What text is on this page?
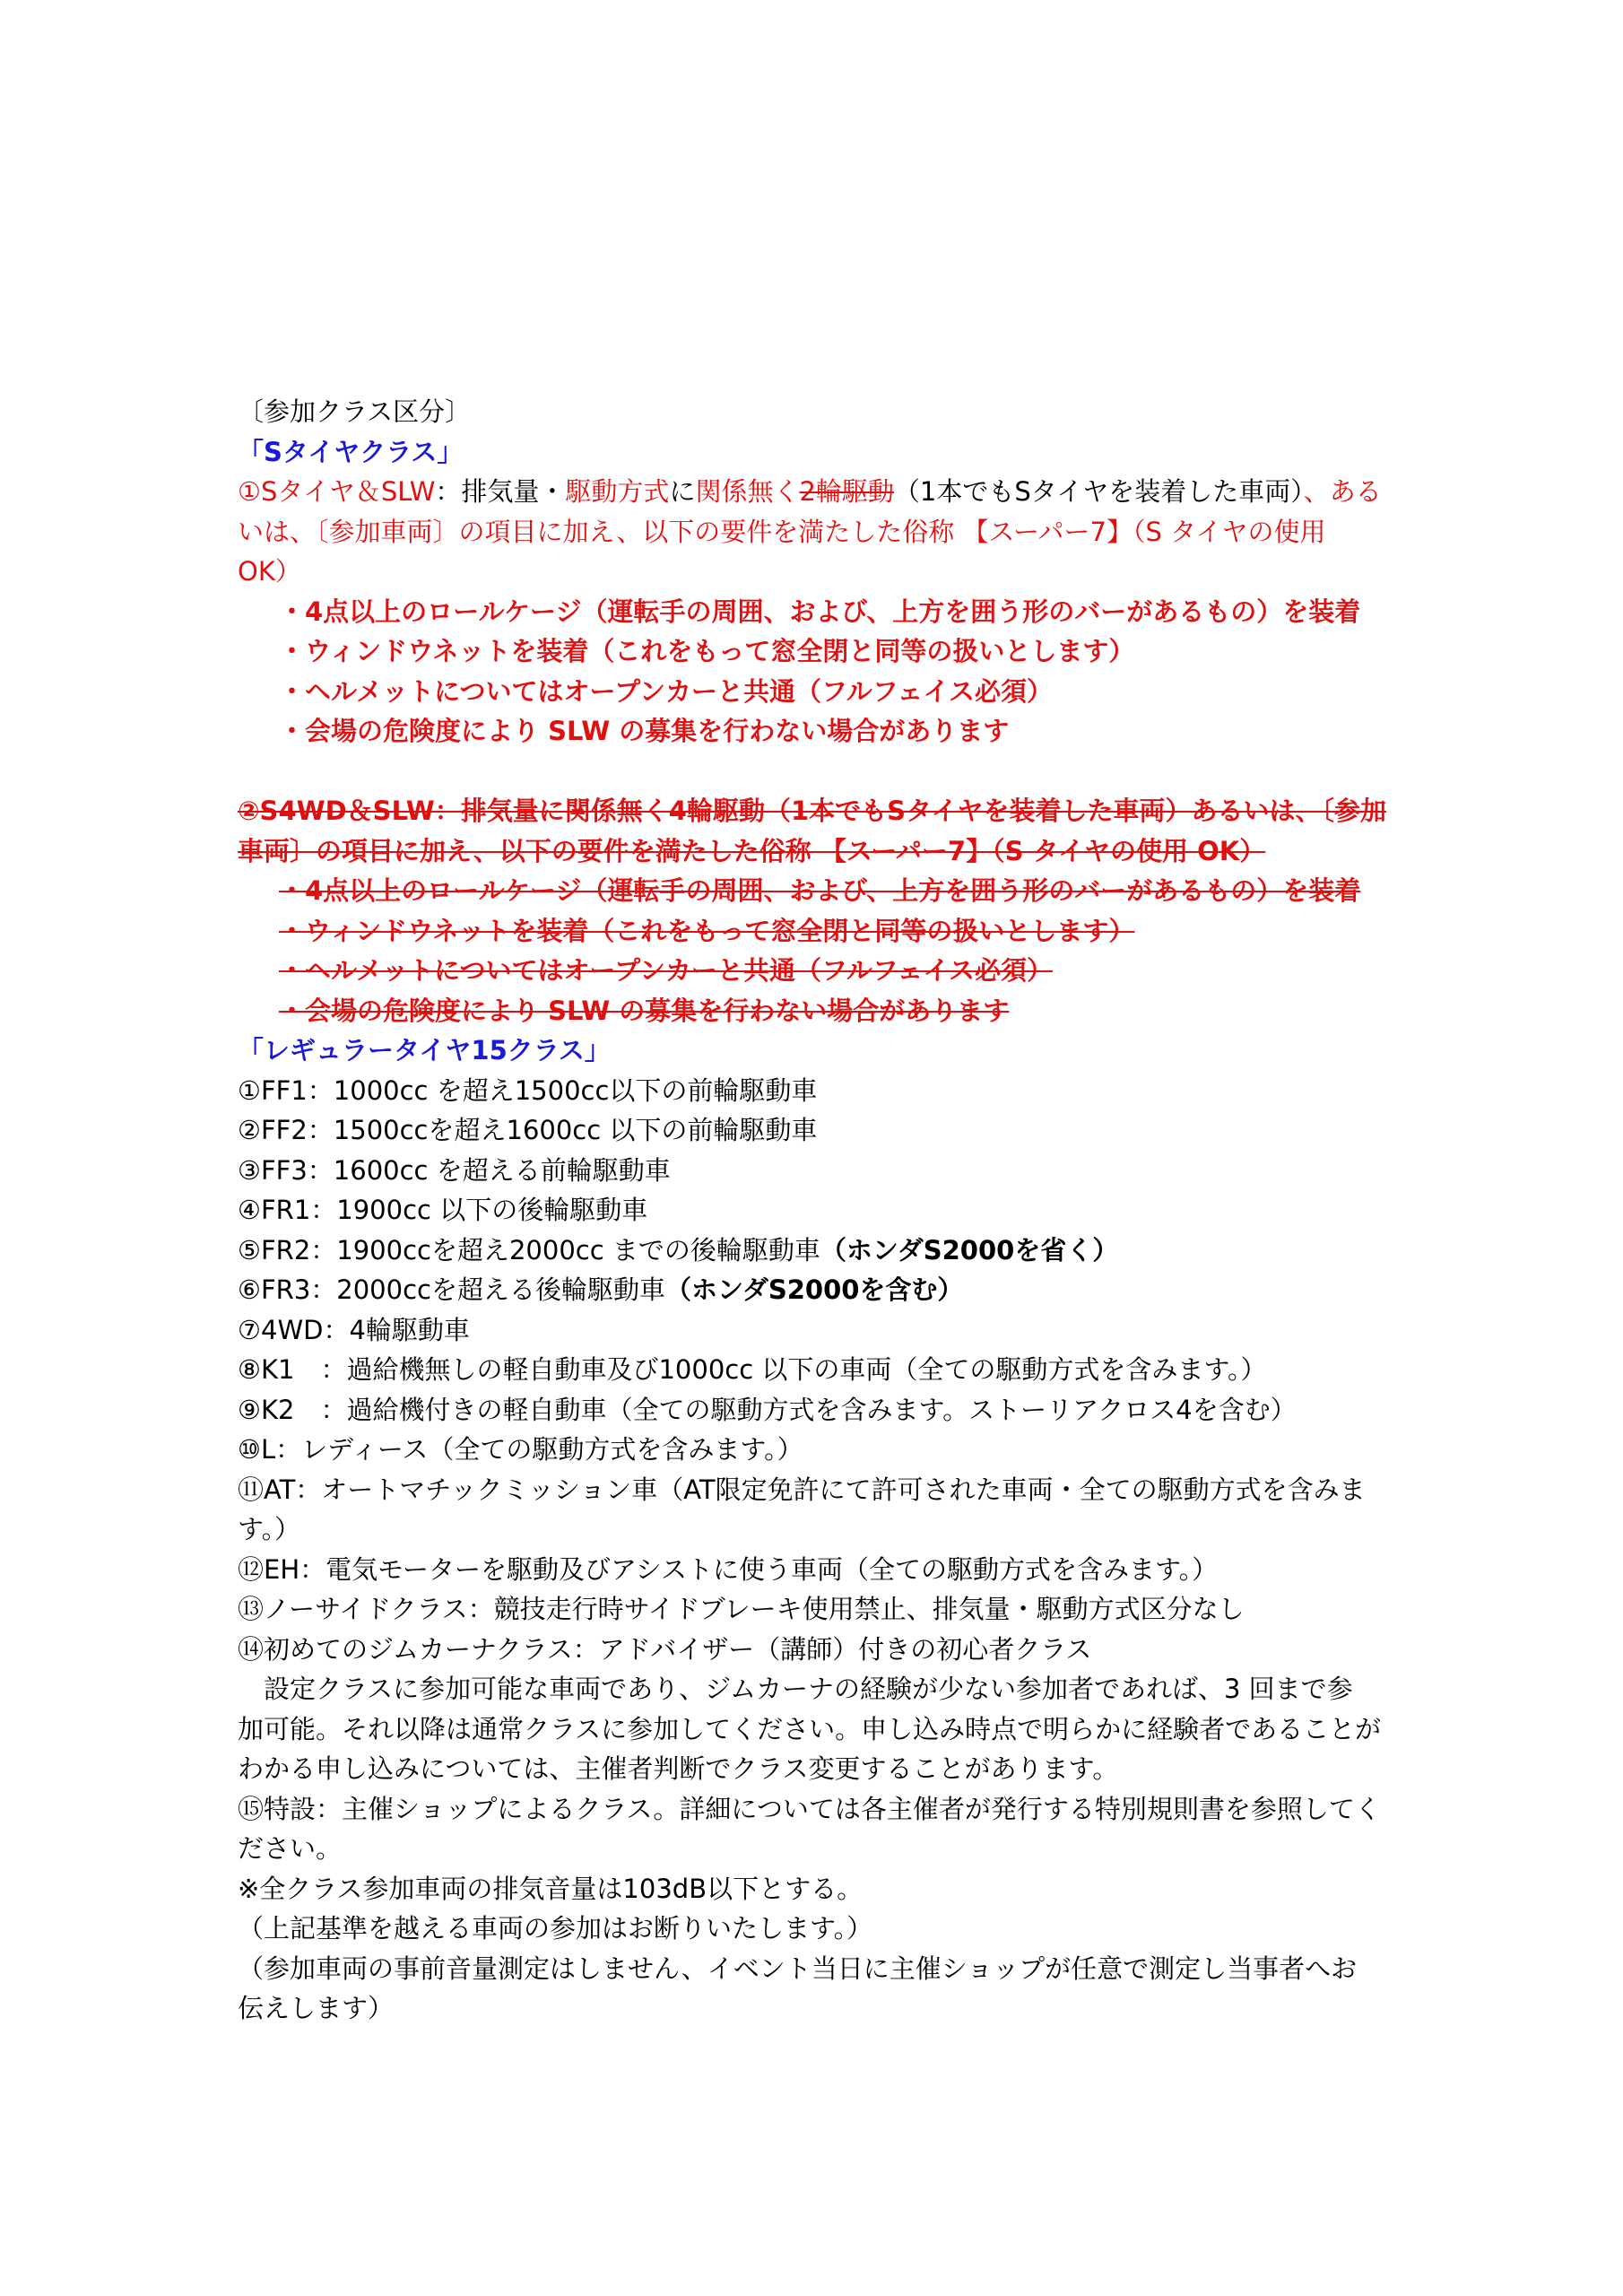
〔参加クラス区分〕
「Sタイヤクラス」
①Sタイヤ＆SLW：排気量・駆動方式に関係無く2輪駆動（1本でもSタイヤを装着した車両）、ある
いは、〔参加車両〕の項目に加え、以下の要件を満たした俗称 【スーパー7】（S タイヤの使用
OK）
・4点以上のロールケージ（運転手の周囲、および、上方を囲う形のバーがあるもの）を装着
・ウィンドウネットを装着（これをもって窓全閉と同等の扱いとします）
・ヘルメットについてはオープンカーと共通（フルフェイス必須）
・会場の危険度により SLW の募集を行わない場合があります
②S4WD＆SLW：排気量に関係無く4輪駆動（1本でもSタイヤを装着した車両）あるいは、〔参加
車両〕の項目に加え、以下の要件を満たした俗称 【スーパー7】（S タイヤの使用 OK）
・4点以上のロールケージ（運転手の周囲、および、上方を囲う形のバーがあるもの）を装着
・ウィンドウネットを装着（これをもって窓全閉と同等の扱いとします）
・ヘルメットについてはオープンカーと共通（フルフェイス必須）
・会場の危険度により SLW の募集を行わない場合があります
「レギュラータイヤ15クラス」
①FF1：1000cc を超え1500cc以下の前輪駆動車
②FF2：1500ccを超え1600cc 以下の前輪駆動車
③FF3：1600cc を超える前輪駆動車
④FR1：1900cc 以下の後輪駆動車
⑤FR2：1900ccを超え2000cc までの後輪駆動車（ホンダS2000を省く）
⑥FR3：2000ccを超える後輪駆動車（ホンダS2000を含む）
⑦4WD：4輪駆動車
⑧K1　：過給機無しの軽自動車及び1000cc 以下の車両（全ての駆動方式を含みます。）
⑨K2　：過給機付きの軽自動車（全ての駆動方式を含みます。ストーリアクロス4を含む）
⑩L：レディース（全ての駆動方式を含みます。）
⑪AT：オートマチックミッション車（AT限定免許にて許可された車両・全ての駆動方式を含みま
す。）
⑫EH：電気モーターを駆動及びアシストに使う車両（全ての駆動方式を含みます。）
⑬ノーサイドクラス：競技走行時サイドブレーキ使用禁止、排気量・駆動方式区分なし
⑭初めてのジムカーナクラス：アドバイザー（講師）付きの初心者クラス
　設定クラスに参加可能な車両であり、ジムカーナの経験が少ない参加者であれば、3 回まで参
加可能。それ以降は通常クラスに参加してください。申し込み時点で明らかに経験者であることが
わかる申し込みについては、主催者判断でクラス変更することがあります。
⑮特設：主催ショップによるクラス。詳細については各主催者が発行する特別規則書を参照してく
ださい。
※全クラス参加車両の排気音量は103dB以下とする。
（上記基準を越える車両の参加はお断りいたします。）
（参加車両の事前音量測定はしません、イベント当日に主催ショップが任意で測定し当事者へお
伝えします）
